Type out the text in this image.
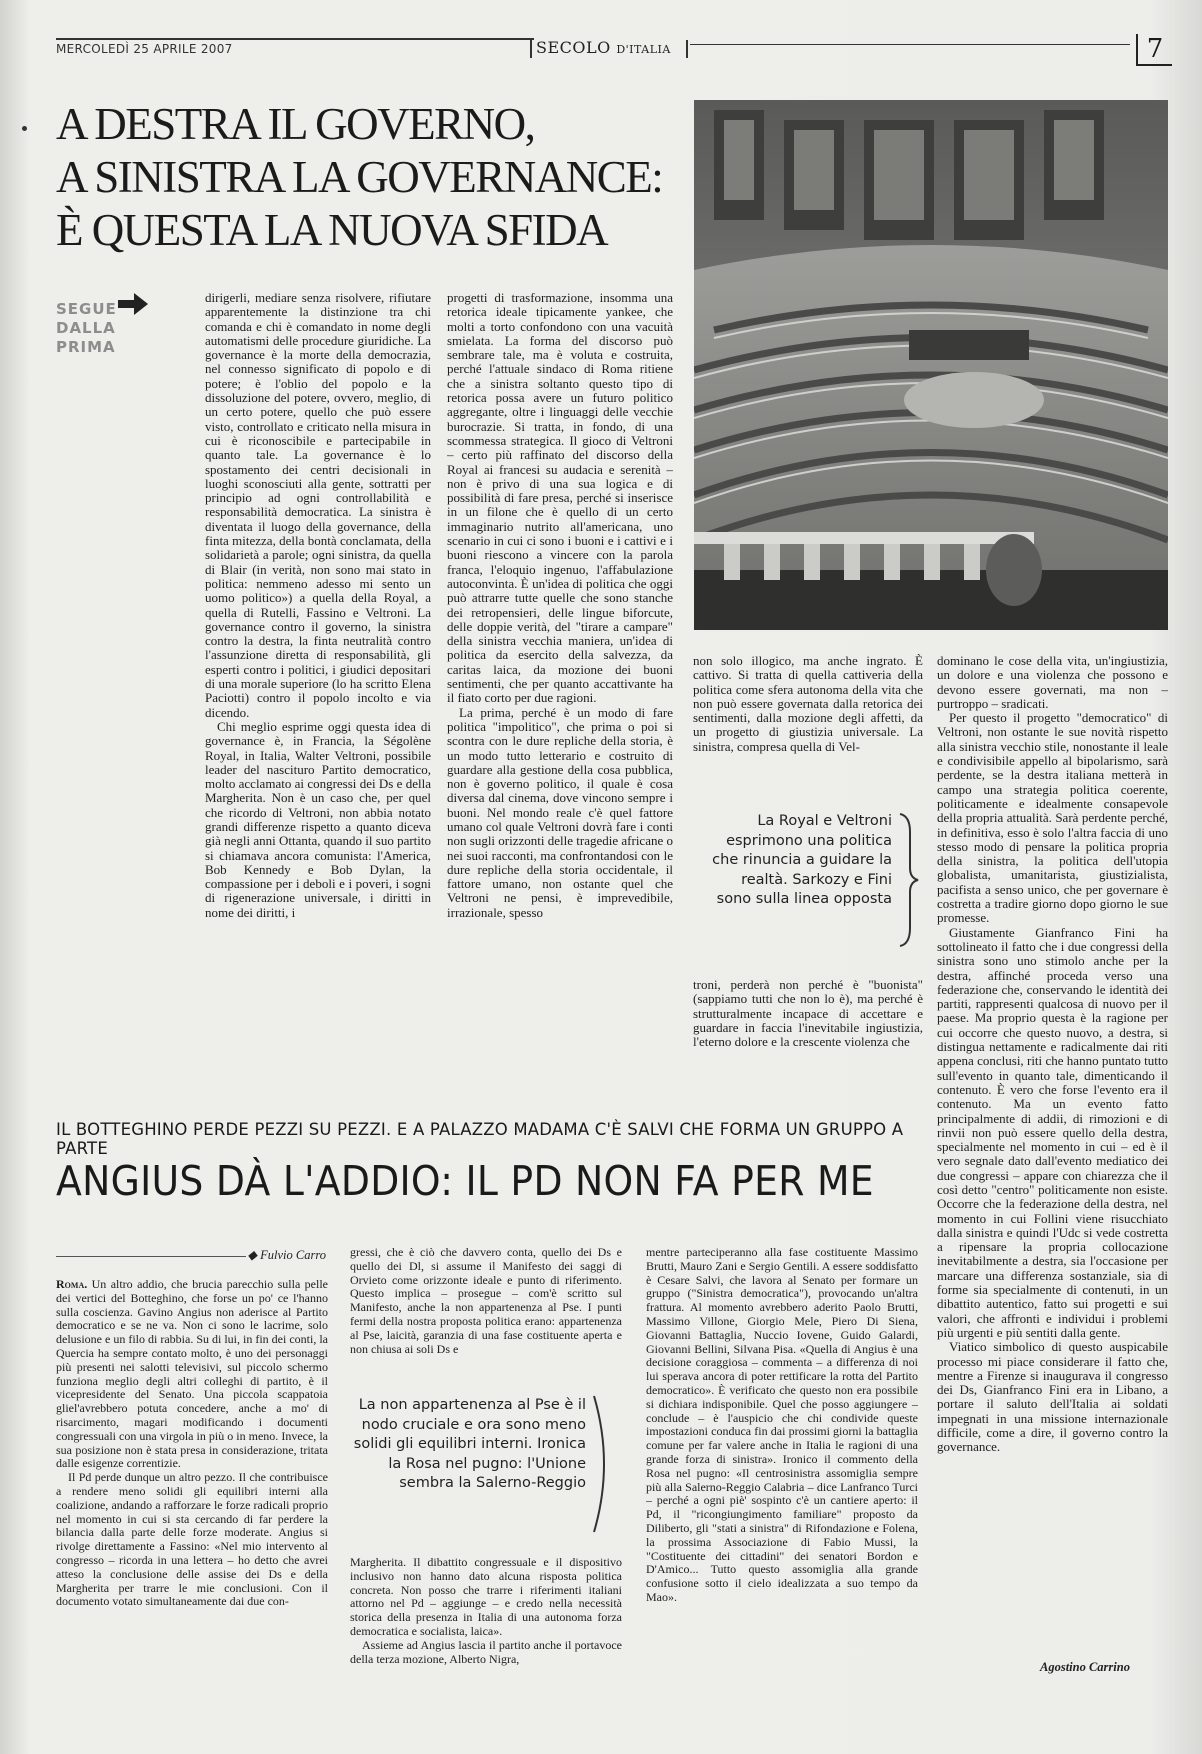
MERCOLEDÌ 25 APRILE 2007	SECOLO D'ITALIA	7
A DESTRA IL GOVERNO,
A SINISTRA LA GOVERNANCE:
È QUESTA LA NUOVA SFIDA
SEGUE
DALLA
PRIMA

dirigerli, mediare senza risolvere, rifiutare apparentemente la distinzione tra chi comanda e chi è comandato in nome degli automatismi delle procedure giuridiche. La governance è la morte della democrazia, nel connesso significato di popolo e di potere; è l'oblio del popolo e la dissoluzione del potere, ovvero, meglio, di un certo potere, quello che può essere visto, controllato e criticato nella misura in cui è riconoscibile e partecipabile in quanto tale. La governance è lo spostamento dei centri decisionali in luoghi sconosciuti alla gente, sottratti per principio ad ogni controllabilità e responsabilità democratica. La sinistra è diventata il luogo della governance, della finta mitezza, della bontà conclamata, della solidarietà a parole; ogni sinistra, da quella di Blair (in verità, non sono mai stato in politica: nemmeno adesso mi sento un uomo politico») a quella della Royal, a quella di Rutelli, Fassino e Veltroni. La governance contro il governo, la sinistra contro la destra, la finta neutralità contro l'assunzione diretta di responsabilità, gli esperti contro i politici, i giudici depositari di una morale superiore (lo ha scritto Elena Paciotti) contro il popolo incolto e via dicendo.

Chi meglio esprime oggi questa idea di governance è, in Francia, la Ségolène Royal, in Italia, Walter Veltroni, possibile leader del nascituro Partito democratico, molto acclamato ai congressi dei Ds e della Margherita. Non è un caso che, per quel che ricordo di Veltroni, non abbia notato grandi differenze rispetto a quanto diceva già negli anni Ottanta, quando il suo partito si chiamava ancora comunista: l'America, Bob Kennedy e Bob Dylan, la compassione per i deboli e i poveri, i sogni di rigenerazione universale, i diritti in nome dei diritti, i

progetti di trasformazione, insomma una retorica ideale tipicamente yankee, che molti a torto confondono con una vacuità smielata. La forma del discorso può sembrare tale, ma è voluta e costruita, perché l'attuale sindaco di Roma ritiene che a sinistra soltanto questo tipo di retorica possa avere un futuro politico aggregante, oltre i linguaggi delle vecchie burocrazie. Si tratta, in fondo, di una scommessa strategica. Il gioco di Veltroni – certo più raffinato del discorso della Royal ai francesi su audacia e serenità – non è privo di una sua logica e di possibilità di fare presa, perché si inserisce in un filone che è quello di un certo immaginario nutrito all'americana, uno scenario in cui ci sono i buoni e i cattivi e i buoni riescono a vincere con la parola franca, l'eloquio ingenuo, l'affabulazione autoconvinta. È un'idea di politica che oggi può attrarre tutte quelle che sono stanche dei retropensieri, delle lingue biforcute, delle doppie verità, del "tirare a campare" della sinistra vecchia maniera, un'idea di politica da esercito della salvezza, da caritas laica, da mozione dei buoni sentimenti, che per quanto accattivante ha il fiato corto per due ragioni.

La prima, perché è un modo di fare politica "impolitico", che prima o poi si scontra con le dure repliche della storia, è un modo tutto letterario e costruito di guardare alla gestione della cosa pubblica, non è governo politico, il quale è cosa diversa dal cinema, dove vincono sempre i buoni. Nel mondo reale c'è quel fattore umano col quale Veltroni dovrà fare i conti non sugli orizzonti delle tragedie africane o nei suoi racconti, ma confrontandosi con le dure repliche della storia occidentale, il fattore umano, non ostante quel che Veltroni ne pensi, è imprevedibile, irrazionale, spesso

non solo illogico, ma anche ingrato. È cattivo. Si tratta di quella cattiveria della politica come sfera autonoma della vita che non può essere governata dalla retorica dei sentimenti, dalla mozione degli affetti, da un progetto di giustizia universale. La sinistra, compresa quella di Vel-

La Royal e Veltroni esprimono una politica che rinuncia a guidare la realtà. Sarkozy e Fini sono sulla linea opposta

troni, perderà non perché è "buonista" (sappiamo tutti che non lo è), ma perché è strutturalmente incapace di accettare e guardare in faccia l'inevitabile ingiustizia, l'eterno dolore e la crescente violenza che

dominano le cose della vita, un'ingiustizia, un dolore e una violenza che possono e devono essere governati, ma non – purtroppo – sradicati.

Per questo il progetto "democratico" di Veltroni, non ostante le sue novità rispetto alla sinistra vecchio stile, nonostante il leale e condivisibile appello al bipolarismo, sarà perdente, se la destra italiana metterà in campo una strategia politica coerente, politicamente e idealmente consapevole della propria attualità. Sarà perdente perché, in definitiva, esso è solo l'altra faccia di uno stesso modo di pensare la politica propria della sinistra, la politica dell'utopia globalista, umanitarista, giustizialista, pacifista a senso unico, che per governare è costretta a tradire giorno dopo giorno le sue promesse.

Giustamente Gianfranco Fini ha sottolineato il fatto che i due congressi della sinistra sono uno stimolo anche per la destra, affinché proceda verso una federazione che, conservando le identità dei partiti, rappresenti qualcosa di nuovo per il paese. Ma proprio questa è la ragione per cui occorre che questo nuovo, a destra, si distingua nettamente e radicalmente dai riti appena conclusi, riti che hanno puntato tutto sull'evento in quanto tale, dimenticando il contenuto. È vero che forse l'evento era il contenuto. Ma un evento fatto principalmente di addii, di rimozioni e di rinvii non può essere quello della destra, specialmente nel momento in cui – ed è il vero segnale dato dall'evento mediatico dei due congressi – appare con chiarezza che il così detto "centro" politicamente non esiste. Occorre che la federazione della destra, nel momento in cui Follini viene risucchiato dalla sinistra e quindi l'Udc si vede costretta a ripensare la propria collocazione inevitabilmente a destra, sia l'occasione per marcare una differenza sostanziale, sia di forme sia specialmente di contenuti, in un dibattito autentico, fatto sui progetti e sui valori, che affronti e individui i problemi più urgenti e più sentiti dalla gente.

Viatico simbolico di questo auspicabile processo mi piace considerare il fatto che, mentre a Firenze si inaugurava il congresso dei Ds, Gianfranco Fini era in Libano, a portare il saluto dell'Italia ai soldati impegnati in una missione internazionale difficile, come a dire, il governo contro la governance.

Agostino Carrino
IL BOTTEGHINO PERDE PEZZI SU PEZZI. E A PALAZZO MADAMA C'È SALVI CHE FORMA UN GRUPPO A PARTE
ANGIUS DÀ L'ADDIO: IL PD NON FA PER ME
◆ Fulvio Carro

Roma. Un altro addio, che brucia parecchio sulla pelle dei vertici del Botteghino, che forse un po' ce l'hanno sulla coscienza. Gavino Angius non aderisce al Partito democratico e se ne va. Non ci sono le lacrime, solo delusione e un filo di rabbia. Su di lui, in fin dei conti, la Quercia ha sempre contato molto, è uno dei personaggi più presenti nei salotti televisivi, sul piccolo schermo funziona meglio degli altri colleghi di partito, è il vicepresidente del Senato. Una piccola scappatoia gliel'avrebbero potuta concedere, anche a mo' di risarcimento, magari modificando i documenti congressuali con una virgola in più o in meno. Invece, la sua posizione non è stata presa in considerazione, tritata dalle esigenze correntizie.

Il Pd perde dunque un altro pezzo. Il che contribuisce a rendere meno solidi gli equilibri interni alla coalizione, andando a rafforzare le forze radicali proprio nel momento in cui si sta cercando di far perdere la bilancia dalla parte delle forze moderate. Angius si rivolge direttamente a Fassino: «Nel mio intervento al congresso – ricorda in una lettera – ho detto che avrei atteso la conclusione delle assise dei Ds e della Margherita per trarre le mie conclusioni. Con il documento votato simultaneamente dai due con-

gressi, che è ciò che davvero conta, quello dei Ds e quello dei Dl, si assume il Manifesto dei saggi di Orvieto come orizzonte ideale e punto di riferimento. Questo implica – prosegue – com'è scritto sul Manifesto, anche la non appartenenza al Pse. I punti fermi della nostra proposta politica erano: appartenenza al Pse, laicità, garanzia di una fase costituente aperta e non chiusa ai soli Ds e

La non appartenenza al Pse è il nodo cruciale e ora sono meno solidi gli equilibri interni. Ironica la Rosa nel pugno: l'Unione sembra la Salerno-Reggio

Margherita. Il dibattito congressuale e il dispositivo inclusivo non hanno dato alcuna risposta politica concreta. Non posso che trarre i riferimenti italiani attorno nel Pd – aggiunge – e credo nella necessità storica della presenza in Italia di una autonoma forza democratica e socialista, laica».

Assieme ad Angius lascia il partito anche il portavoce della terza mozione, Alberto Nigra,

mentre parteciperanno alla fase costituente Massimo Brutti, Mauro Zani e Sergio Gentili. A essere soddisfatto è Cesare Salvi, che lavora al Senato per formare un gruppo ("Sinistra democratica"), provocando un'altra frattura. Al momento avrebbero aderito Paolo Brutti, Massimo Villone, Giorgio Mele, Piero Di Siena, Giovanni Battaglia, Nuccio Iovene, Guido Galardi, Giovanni Bellini, Silvana Pisa. «Quella di Angius è una decisione coraggiosa – commenta – a differenza di noi lui sperava ancora di poter rettificare la rotta del Partito democratico». È verificato che questo non era possibile si dichiara indisponibile. Quel che posso aggiungere – conclude – è l'auspicio che chi condivide queste impostazioni conduca fin dai prossimi giorni la battaglia comune per far valere anche in Italia le ragioni di una grande forza di sinistra». Ironico il commento della Rosa nel pugno: «Il centrosinistra assomiglia sempre più alla Salerno-Reggio Calabria – dice Lanfranco Turci – perché a ogni piè' sospinto c'è un cantiere aperto: il Pd, il "ricongiungimento familiare" proposto da Diliberto, gli "stati a sinistra" di Rifondazione e Folena, la prossima Associazione di Fabio Mussi, la "Costituente dei cittadini" dei senatori Bordon e D'Amico... Tutto questo assomiglia alla grande confusione sotto il cielo idealizzata a suo tempo da Mao».
